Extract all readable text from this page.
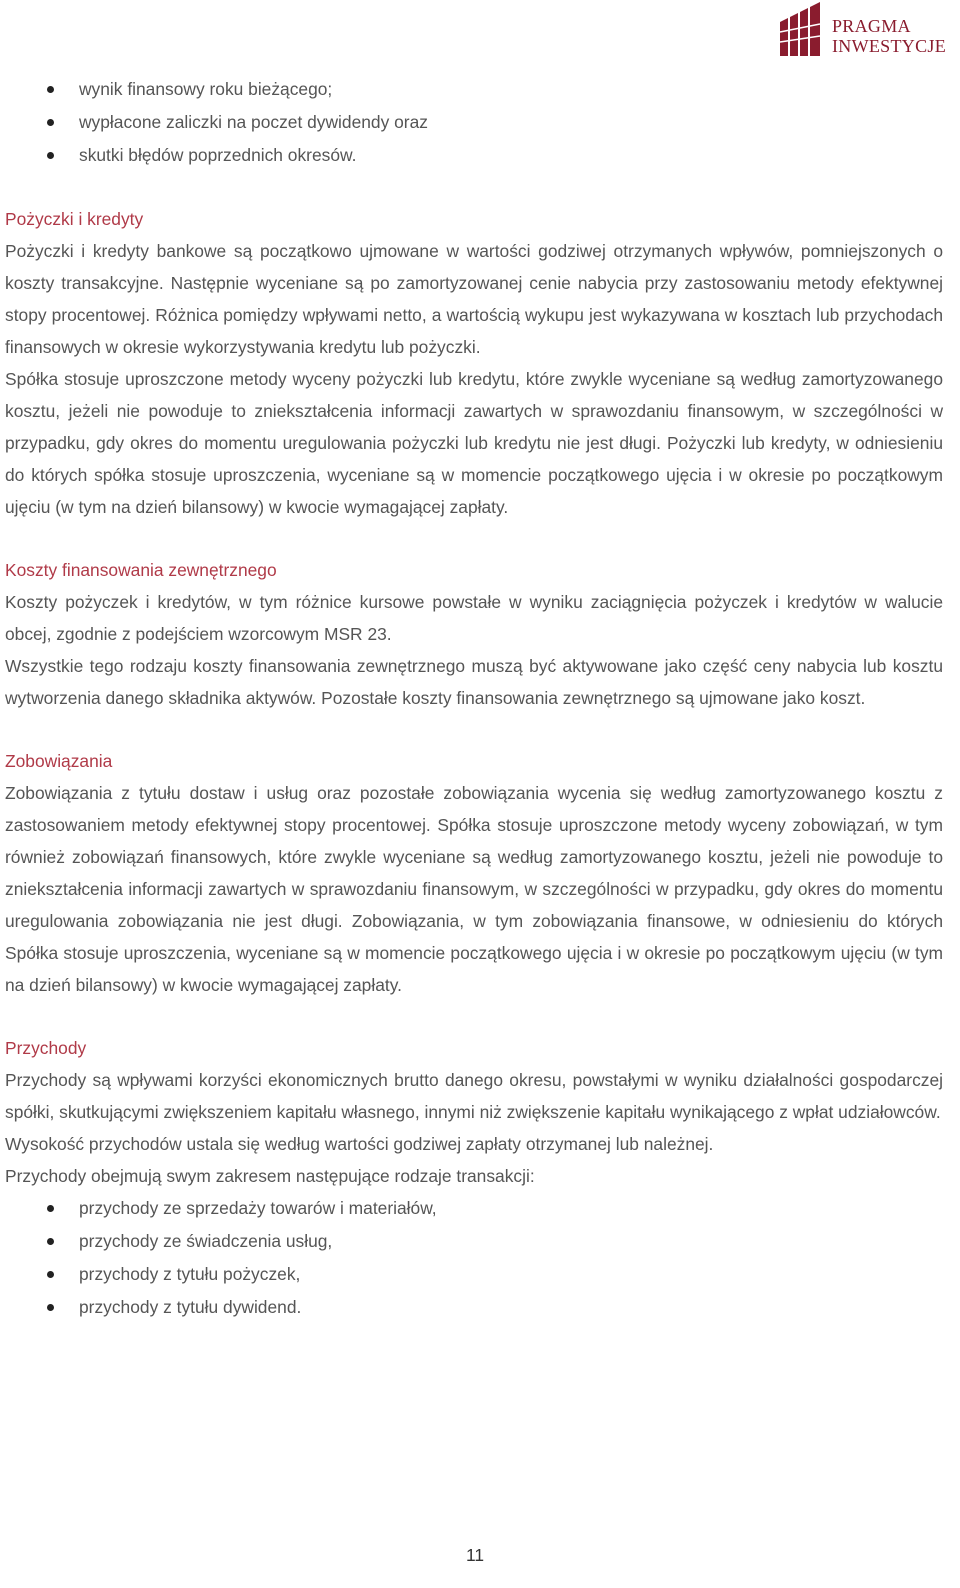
PRAGMA
INWESTYCJE
wynik finansowy roku bieżącego;
wypłacone zaliczki na poczet dywidendy oraz
skutki błędów poprzednich okresów.

Pożyczki i kredyty

Pożyczki i kredyty bankowe są początkowo ujmowane w wartości godziwej otrzymanych wpływów, pomniejszonych o koszty transakcyjne. Następnie wyceniane są po zamortyzowanej cenie nabycia przy zastosowaniu metody efektywnej stopy procentowej. Różnica pomiędzy wpływami netto, a wartością wykupu jest wykazywana w kosztach lub przychodach finansowych w okresie wykorzystywania kredytu lub pożyczki.

Spółka stosuje uproszczone metody wyceny pożyczki lub kredytu, które zwykle wyceniane są według zamortyzowanego kosztu, jeżeli nie powoduje to zniekształcenia informacji zawartych w sprawozdaniu finansowym, w szczególności w przypadku, gdy okres do momentu uregulowania pożyczki lub kredytu nie jest długi. Pożyczki lub kredyty, w odniesieniu do których spółka stosuje uproszczenia, wyceniane są w momencie początkowego ujęcia i w okresie po początkowym ujęciu (w tym na dzień bilansowy) w kwocie wymagającej zapłaty.

Koszty finansowania zewnętrznego

Koszty pożyczek i kredytów, w tym różnice kursowe powstałe w wyniku zaciągnięcia pożyczek i kredytów w walucie obcej, zgodnie z podejściem wzorcowym MSR 23.

Wszystkie tego rodzaju koszty finansowania zewnętrznego muszą być aktywowane jako część ceny nabycia lub kosztu wytworzenia danego składnika aktywów. Pozostałe koszty finansowania zewnętrznego są ujmowane jako koszt.

Zobowiązania

Zobowiązania z tytułu dostaw i usług oraz pozostałe zobowiązania wycenia się według zamortyzowanego kosztu z zastosowaniem metody efektywnej stopy procentowej. Spółka stosuje uproszczone metody wyceny zobowiązań, w tym również zobowiązań finansowych, które zwykle wyceniane są według zamortyzowanego kosztu, jeżeli nie powoduje to zniekształcenia informacji zawartych w sprawozdaniu finansowym, w szczególności w przypadku, gdy okres do momentu uregulowania zobowiązania nie jest długi. Zobowiązania, w tym zobowiązania finansowe, w odniesieniu do których Spółka stosuje uproszczenia, wyceniane są w momencie początkowego ujęcia i w okresie po początkowym ujęciu (w tym na dzień bilansowy) w kwocie wymagającej zapłaty.

Przychody

Przychody są wpływami korzyści ekonomicznych brutto danego okresu, powstałymi w wyniku działalności gospodarczej spółki, skutkującymi zwiększeniem kapitału własnego, innymi niż zwiększenie kapitału wynikającego z wpłat udziałowców.

Wysokość przychodów ustala się według wartości godziwej zapłaty otrzymanej lub należnej.

Przychody obejmują swym zakresem następujące rodzaje transakcji:

przychody ze sprzedaży towarów i materiałów,
przychody ze świadczenia usług,
przychody z tytułu pożyczek,
przychody z tytułu dywidend.
11
